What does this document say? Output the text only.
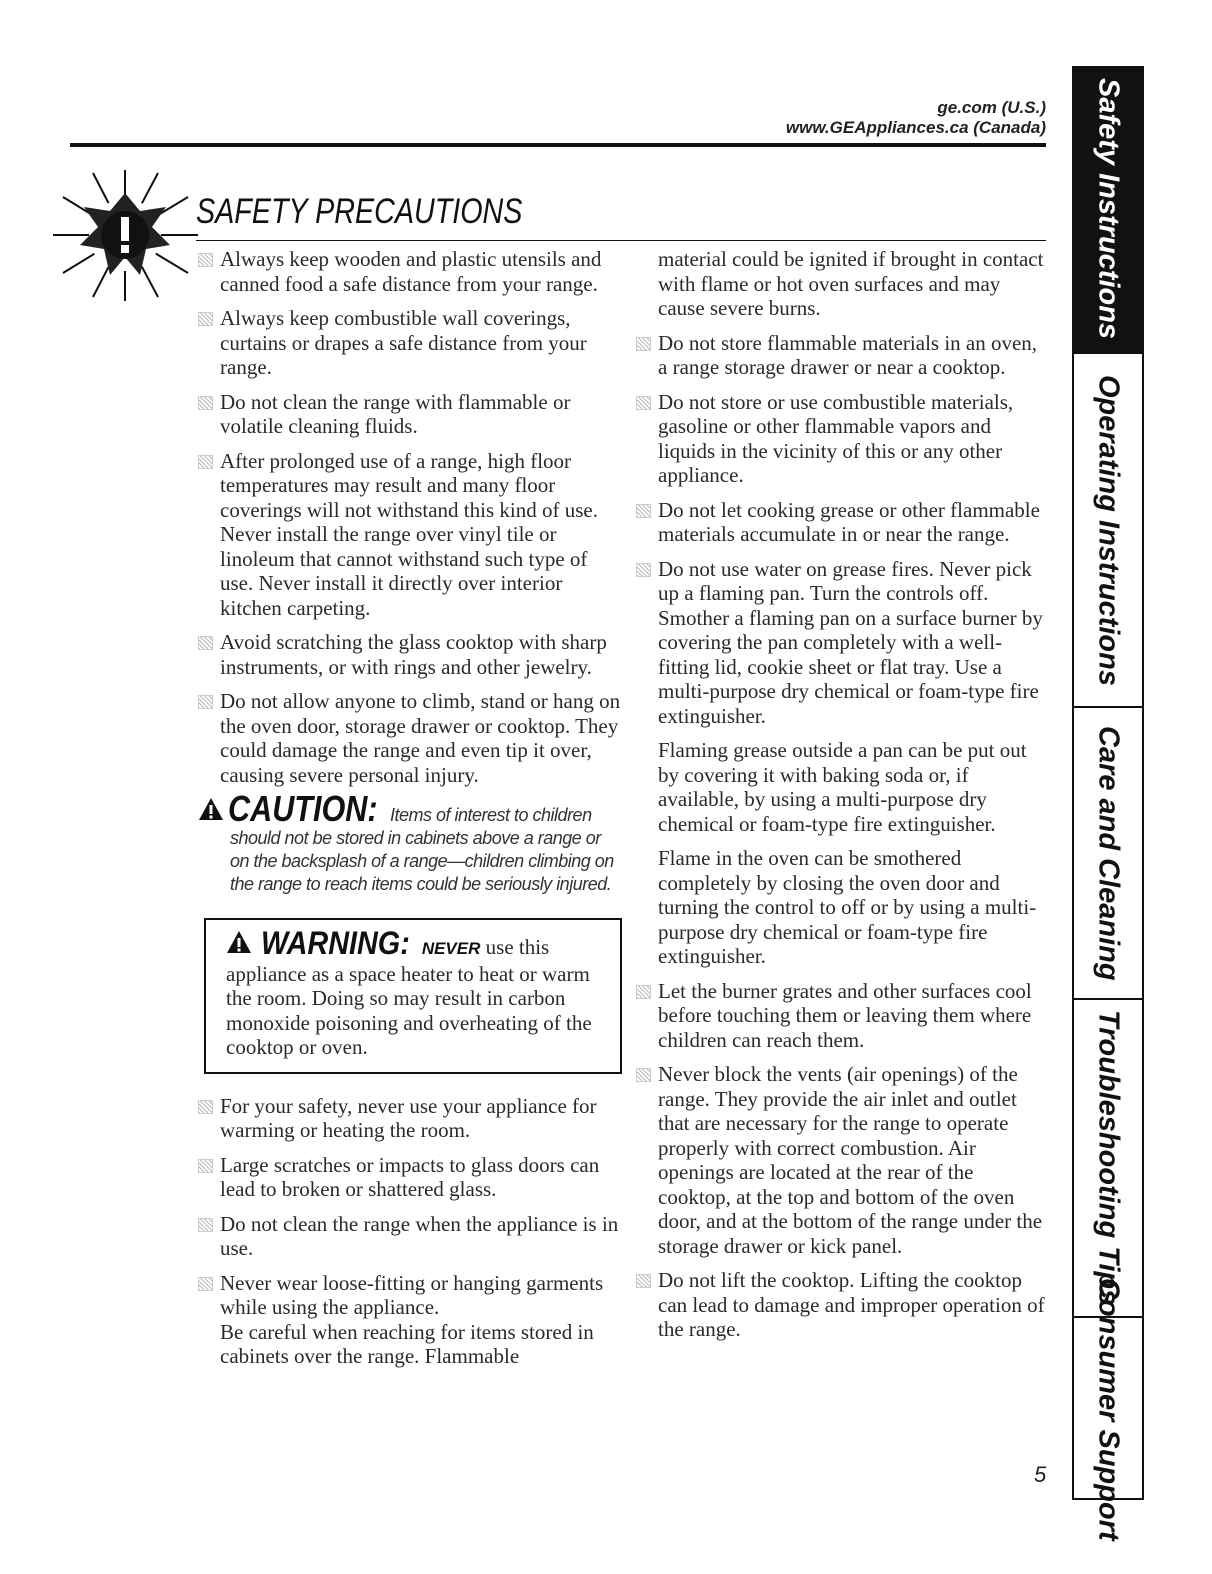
ge.com (U.S.)
www.GEAppliances.ca (Canada)
SAFETY PRECAUTIONS
Always keep wooden and plastic utensils and canned food a safe distance from your range.
Always keep combustible wall coverings, curtains or drapes a safe distance from your range.
Do not clean the range with flammable or volatile cleaning fluids.
After prolonged use of a range, high floor temperatures may result and many floor coverings will not withstand this kind of use. Never install the range over vinyl tile or linoleum that cannot withstand such type of use. Never install it directly over interior kitchen carpeting.
Avoid scratching the glass cooktop with sharp instruments, or with rings and other jewelry.
Do not allow anyone to climb, stand or hang on the oven door, storage drawer or cooktop. They could damage the range and even tip it over, causing severe personal injury.
CAUTION: Items of interest to children
should not be stored in cabinets above a range or on the backsplash of a range—children climbing on the range to reach items could be seriously injured.
WARNING: NEVER use this
appliance as a space heater to heat or warm the room. Doing so may result in carbon monoxide poisoning and overheating of the cooktop or oven.
For your safety, never use your appliance for warming or heating the room.
Large scratches or impacts to glass doors can lead to broken or shattered glass.
Do not clean the range when the appliance is in use.
Never wear loose-fitting or hanging garments while using the appliance.
Be careful when reaching for items stored in cabinets over the range. Flammable
material could be ignited if brought in contact with flame or hot oven surfaces and may cause severe burns.
Do not store flammable materials in an oven, a range storage drawer or near a cooktop.
Do not store or use combustible materials, gasoline or other flammable vapors and liquids in the vicinity of this or any other appliance.
Do not let cooking grease or other flammable materials accumulate in or near the range.
Do not use water on grease fires. Never pick up a flaming pan. Turn the controls off. Smother a flaming pan on a surface burner by covering the pan completely with a well-fitting lid, cookie sheet or flat tray. Use a multi-purpose dry chemical or foam-type fire extinguisher.
Flaming grease outside a pan can be put out by covering it with baking soda or, if available, by using a multi-purpose dry chemical or foam-type fire extinguisher.
Flame in the oven can be smothered completely by closing the oven door and turning the control to off or by using a multi-purpose dry chemical or foam-type fire extinguisher.
Let the burner grates and other surfaces cool before touching them or leaving them where children can reach them.
Never block the vents (air openings) of the range. They provide the air inlet and outlet that are necessary for the range to operate properly with correct combustion. Air openings are located at the rear of the cooktop, at the top and bottom of the oven door, and at the bottom of the range under the storage drawer or kick panel.
Do not lift the cooktop. Lifting the cooktop can lead to damage and improper operation of the range.
Safety Instructions
Operating Instructions
Care and Cleaning
Troubleshooting Tips
Consumer Support
5
